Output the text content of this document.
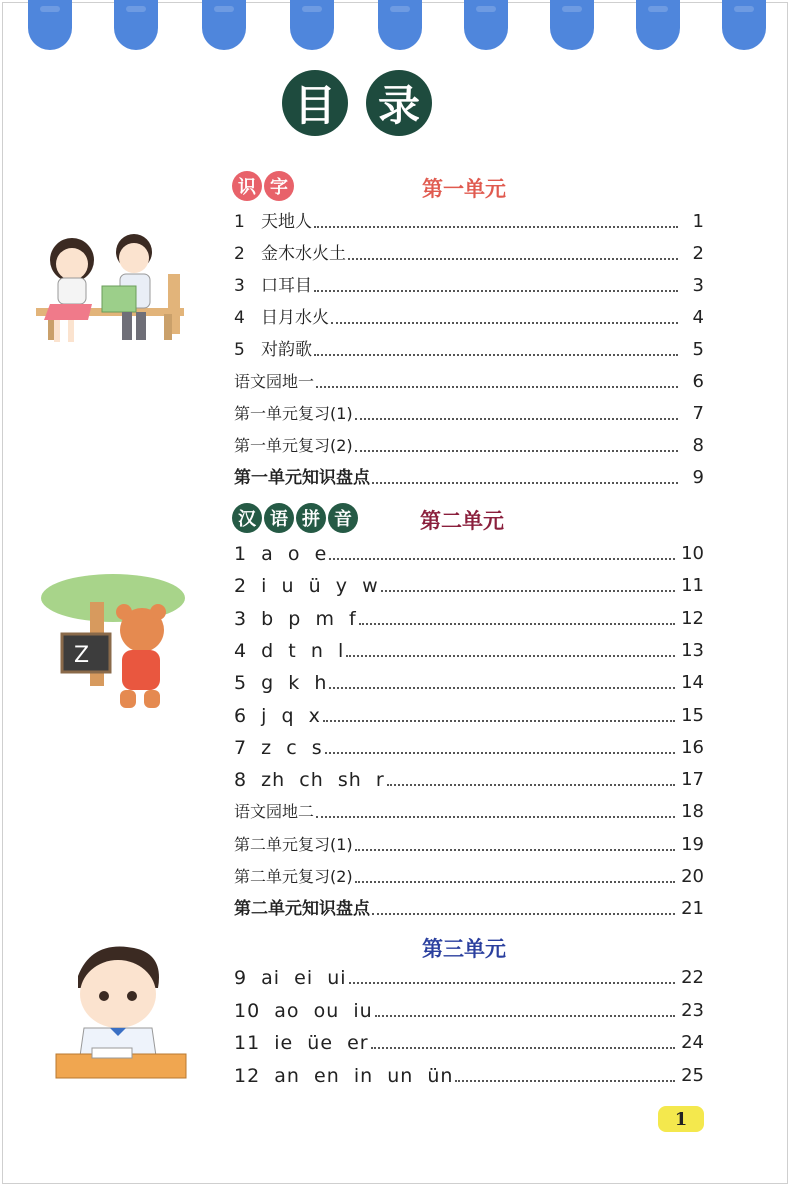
目 录
识 字	第一单元
汉 语 拼 音	第二单元
第三单元
1   天地人	1
2   金木水火土	2
3   口耳目	3
4   日月水火	4
5   对韵歌	5
语文园地一	6
第一单元复习(1)	7
第一单元复习(2)	8
第一单元知识盘点	9
1  a  o  e	10
2  i  u  ü  y  w	11
3  b  p  m  f	12
4  d  t  n  l	13
5  g  k  h	14
6  j  q  x	15
7  z  c  s	16
8  zh  ch  sh  r	17
语文园地二	18
第二单元复习(1)	19
第二单元复习(2)	20
第二单元知识盘点	21
9  ai  ei  ui	22
10  ao  ou  iu	23
11  ie  üe  er	24
12  an  en  in  un  ün	25
Z
1
